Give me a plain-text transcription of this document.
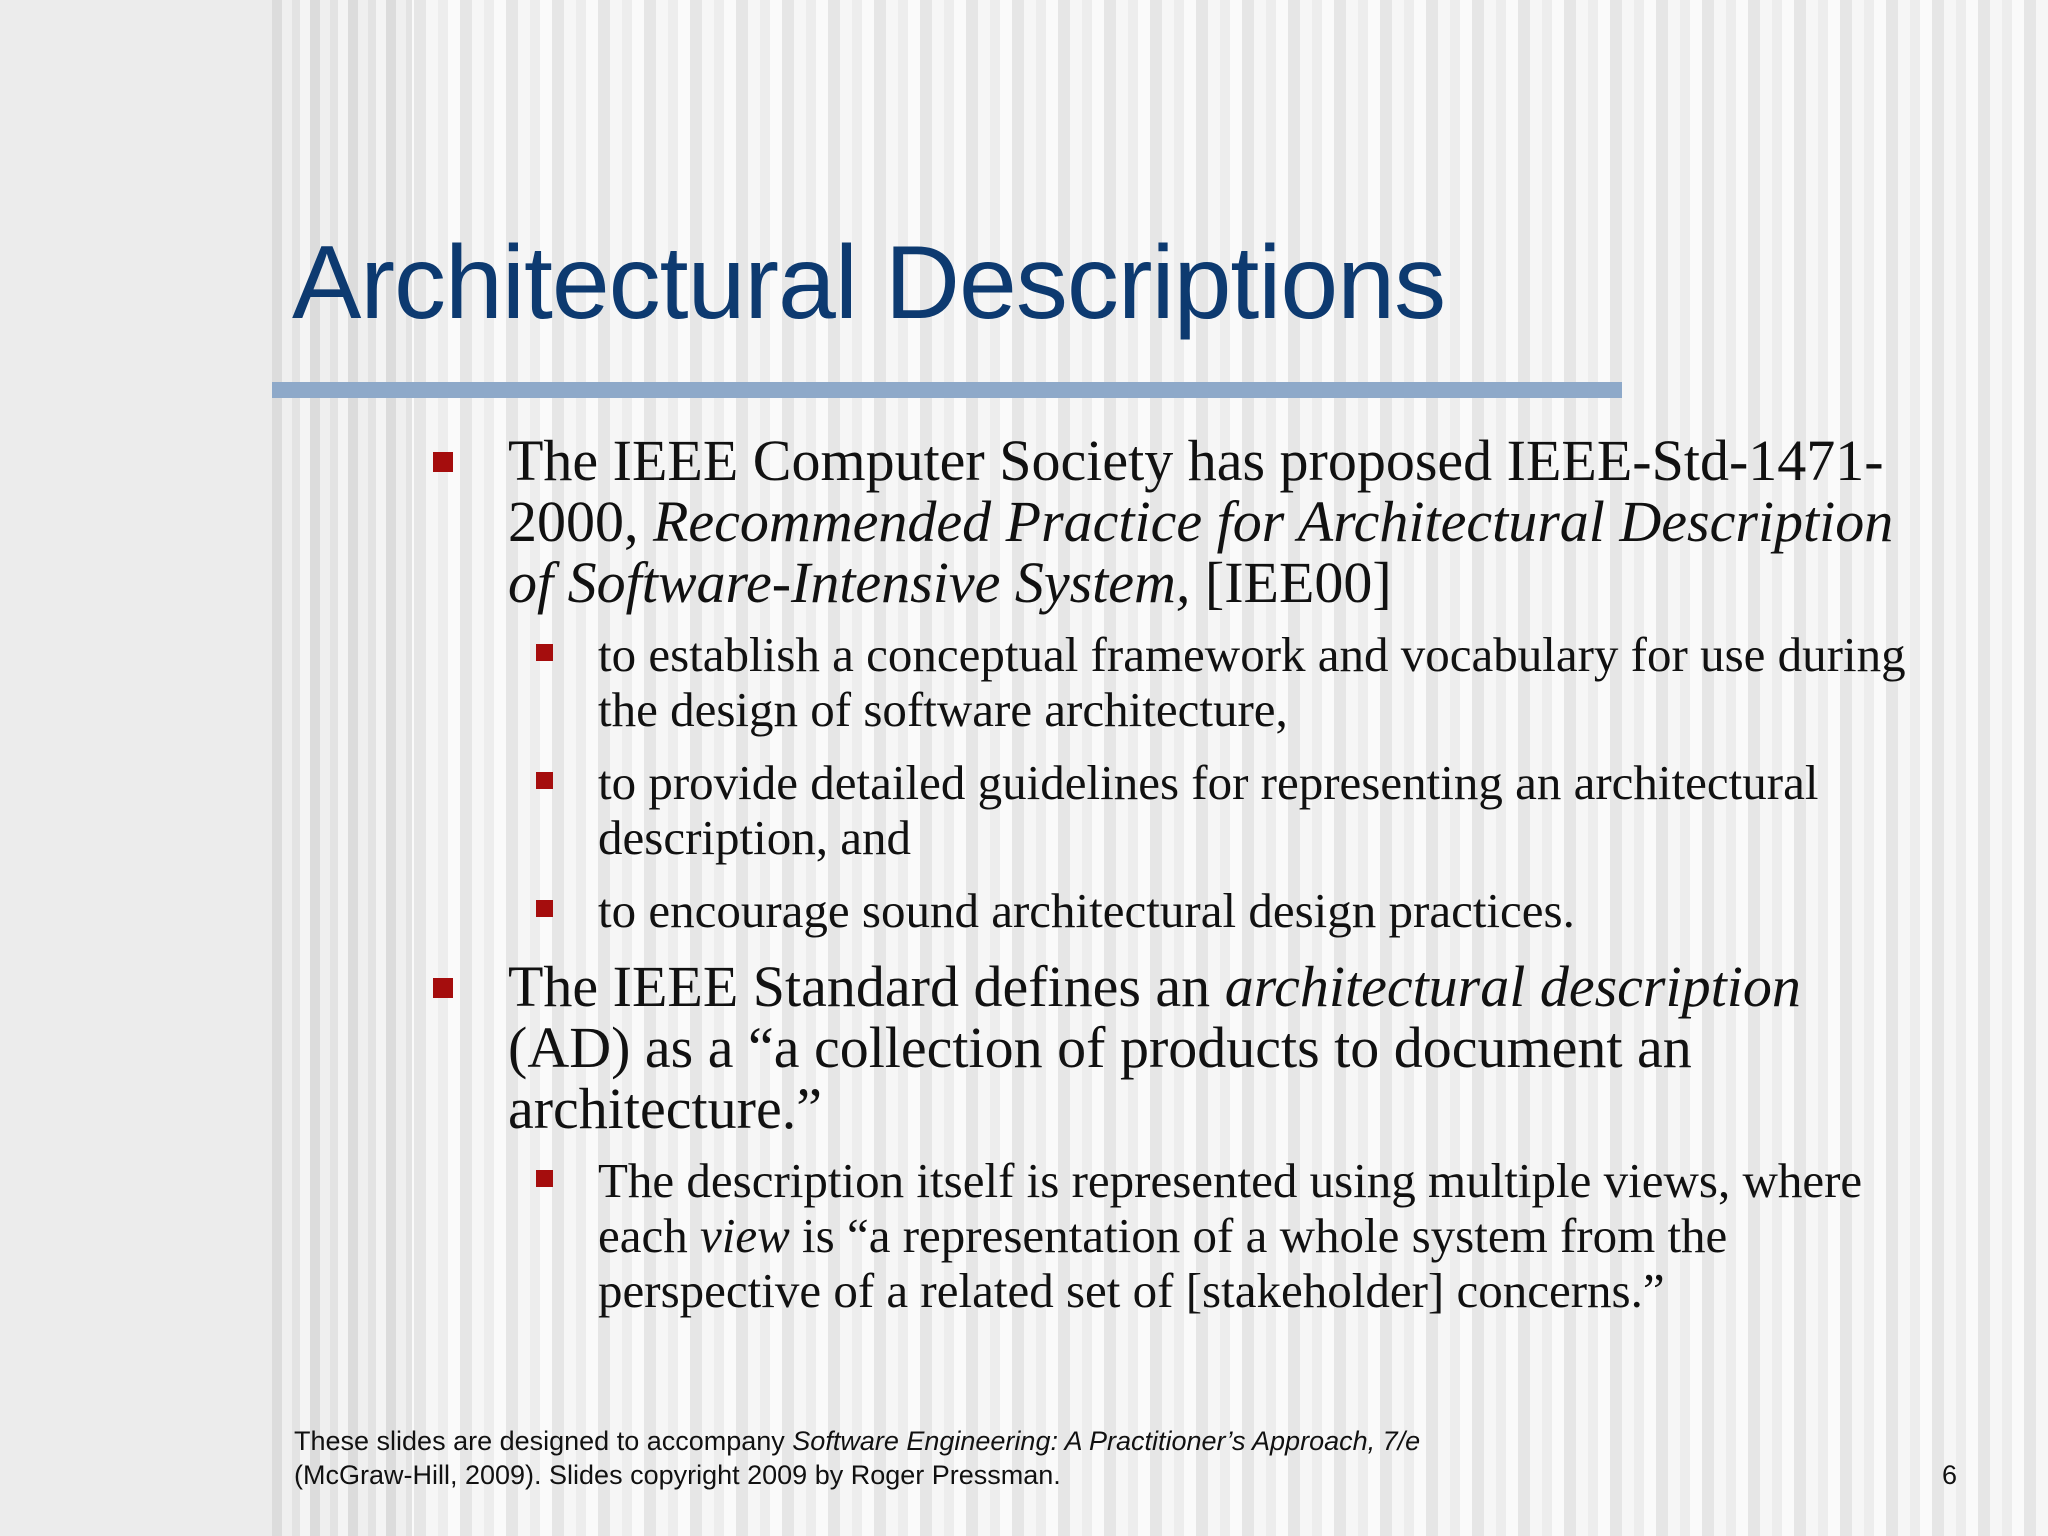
Architectural Descriptions
The IEEE Computer Society has proposed IEEE-Std-1471-2000, Recommended Practice for Architectural Description of Software-Intensive System, [IEE00]
to establish a conceptual framework and vocabulary for use during the design of software architecture,
to provide detailed guidelines for representing an architectural description, and
to encourage sound architectural design practices.
The IEEE Standard defines an architectural description (AD) as a “a collection of products to document an architecture.”
The description itself is represented using multiple views, where each view is “a representation of a whole system from the perspective of a related set of [stakeholder] concerns.”
These slides are designed to accompany Software Engineering: A Practitioner’s Approach, 7/e
(McGraw-Hill, 2009). Slides copyright 2009 by Roger Pressman.	6
